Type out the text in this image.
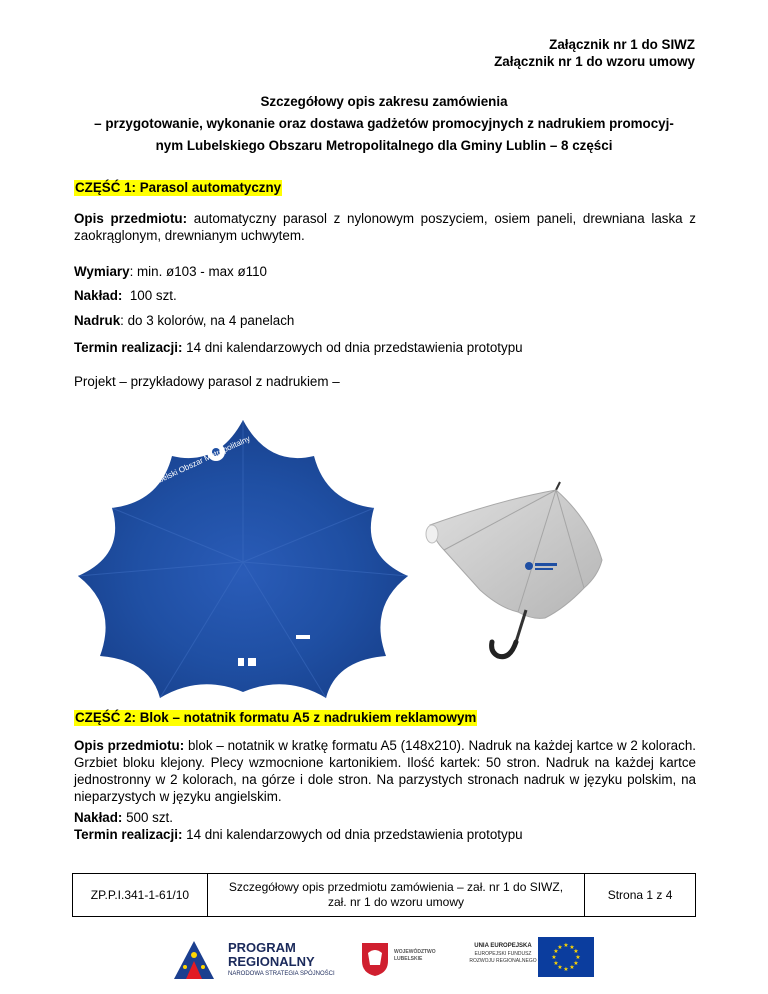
Załącznik nr 1 do SIWZ
Załącznik nr 1 do wzoru umowy
Szczegółowy opis zakresu zamówienia
– przygotowanie, wykonanie oraz dostawa gadżetów promocyjnych z nadrukiem promocyj-
nym Lubelskiego Obszaru Metropolitalnego dla Gminy Lublin – 8 części
CZĘŚĆ 1: Parasol automatyczny
Opis przedmiotu: automatyczny parasol z nylonowym poszyciem, osiem paneli, drewniana laska z zaokrąglonym, drewnianym uchwytem.
Wymiary: min. ø103 - max ø110
Nakład:  100 szt.
Nadruk: do 3 kolorów, na 4 panelach
Termin realizacji: 14 dni kalendarzowych od dnia przedstawienia prototypu
Projekt – przykładowy parasol z nadrukiem –
Lubelski Obszar Metropolitalny
CZĘŚĆ 2: Blok – notatnik formatu A5 z nadrukiem reklamowym
Opis przedmiotu: blok – notatnik w kratkę formatu A5 (148x210). Nadruk na każdej kartce w 2 kolorach. Grzbiet bloku klejony. Plecy wzmocnione kartonikiem. Ilość kartek: 50 stron. Nadruk na każdej kartce jednostronny w 2 kolorach, na górze i dole stron. Na parzystych stronach nadruk w języku polskim, na nieparzystych w języku angielskim.
Nakład: 500 szt.
Termin realizacji: 14 dni kalendarzowych od dnia przedstawienia prototypu
ZP.P.I.341-1-61/10	Szczegółowy opis przedmiotu zamówienia – zał. nr 1 do SIWZ, zał. nr 1 do wzoru umowy	Strona 1 z 4
PROGRAM
REGIONALNY
NARODOWA STRATEGIA SPÓJNOŚCI
WOJEWÓDZTWO
LUBELSKIE
UNIA EUROPEJSKA
EUROPEJSKI FUNDUSZ
ROZWOJU REGIONALNEGO
★ ★
★
★
★
★
★
★
★
★
★
★
